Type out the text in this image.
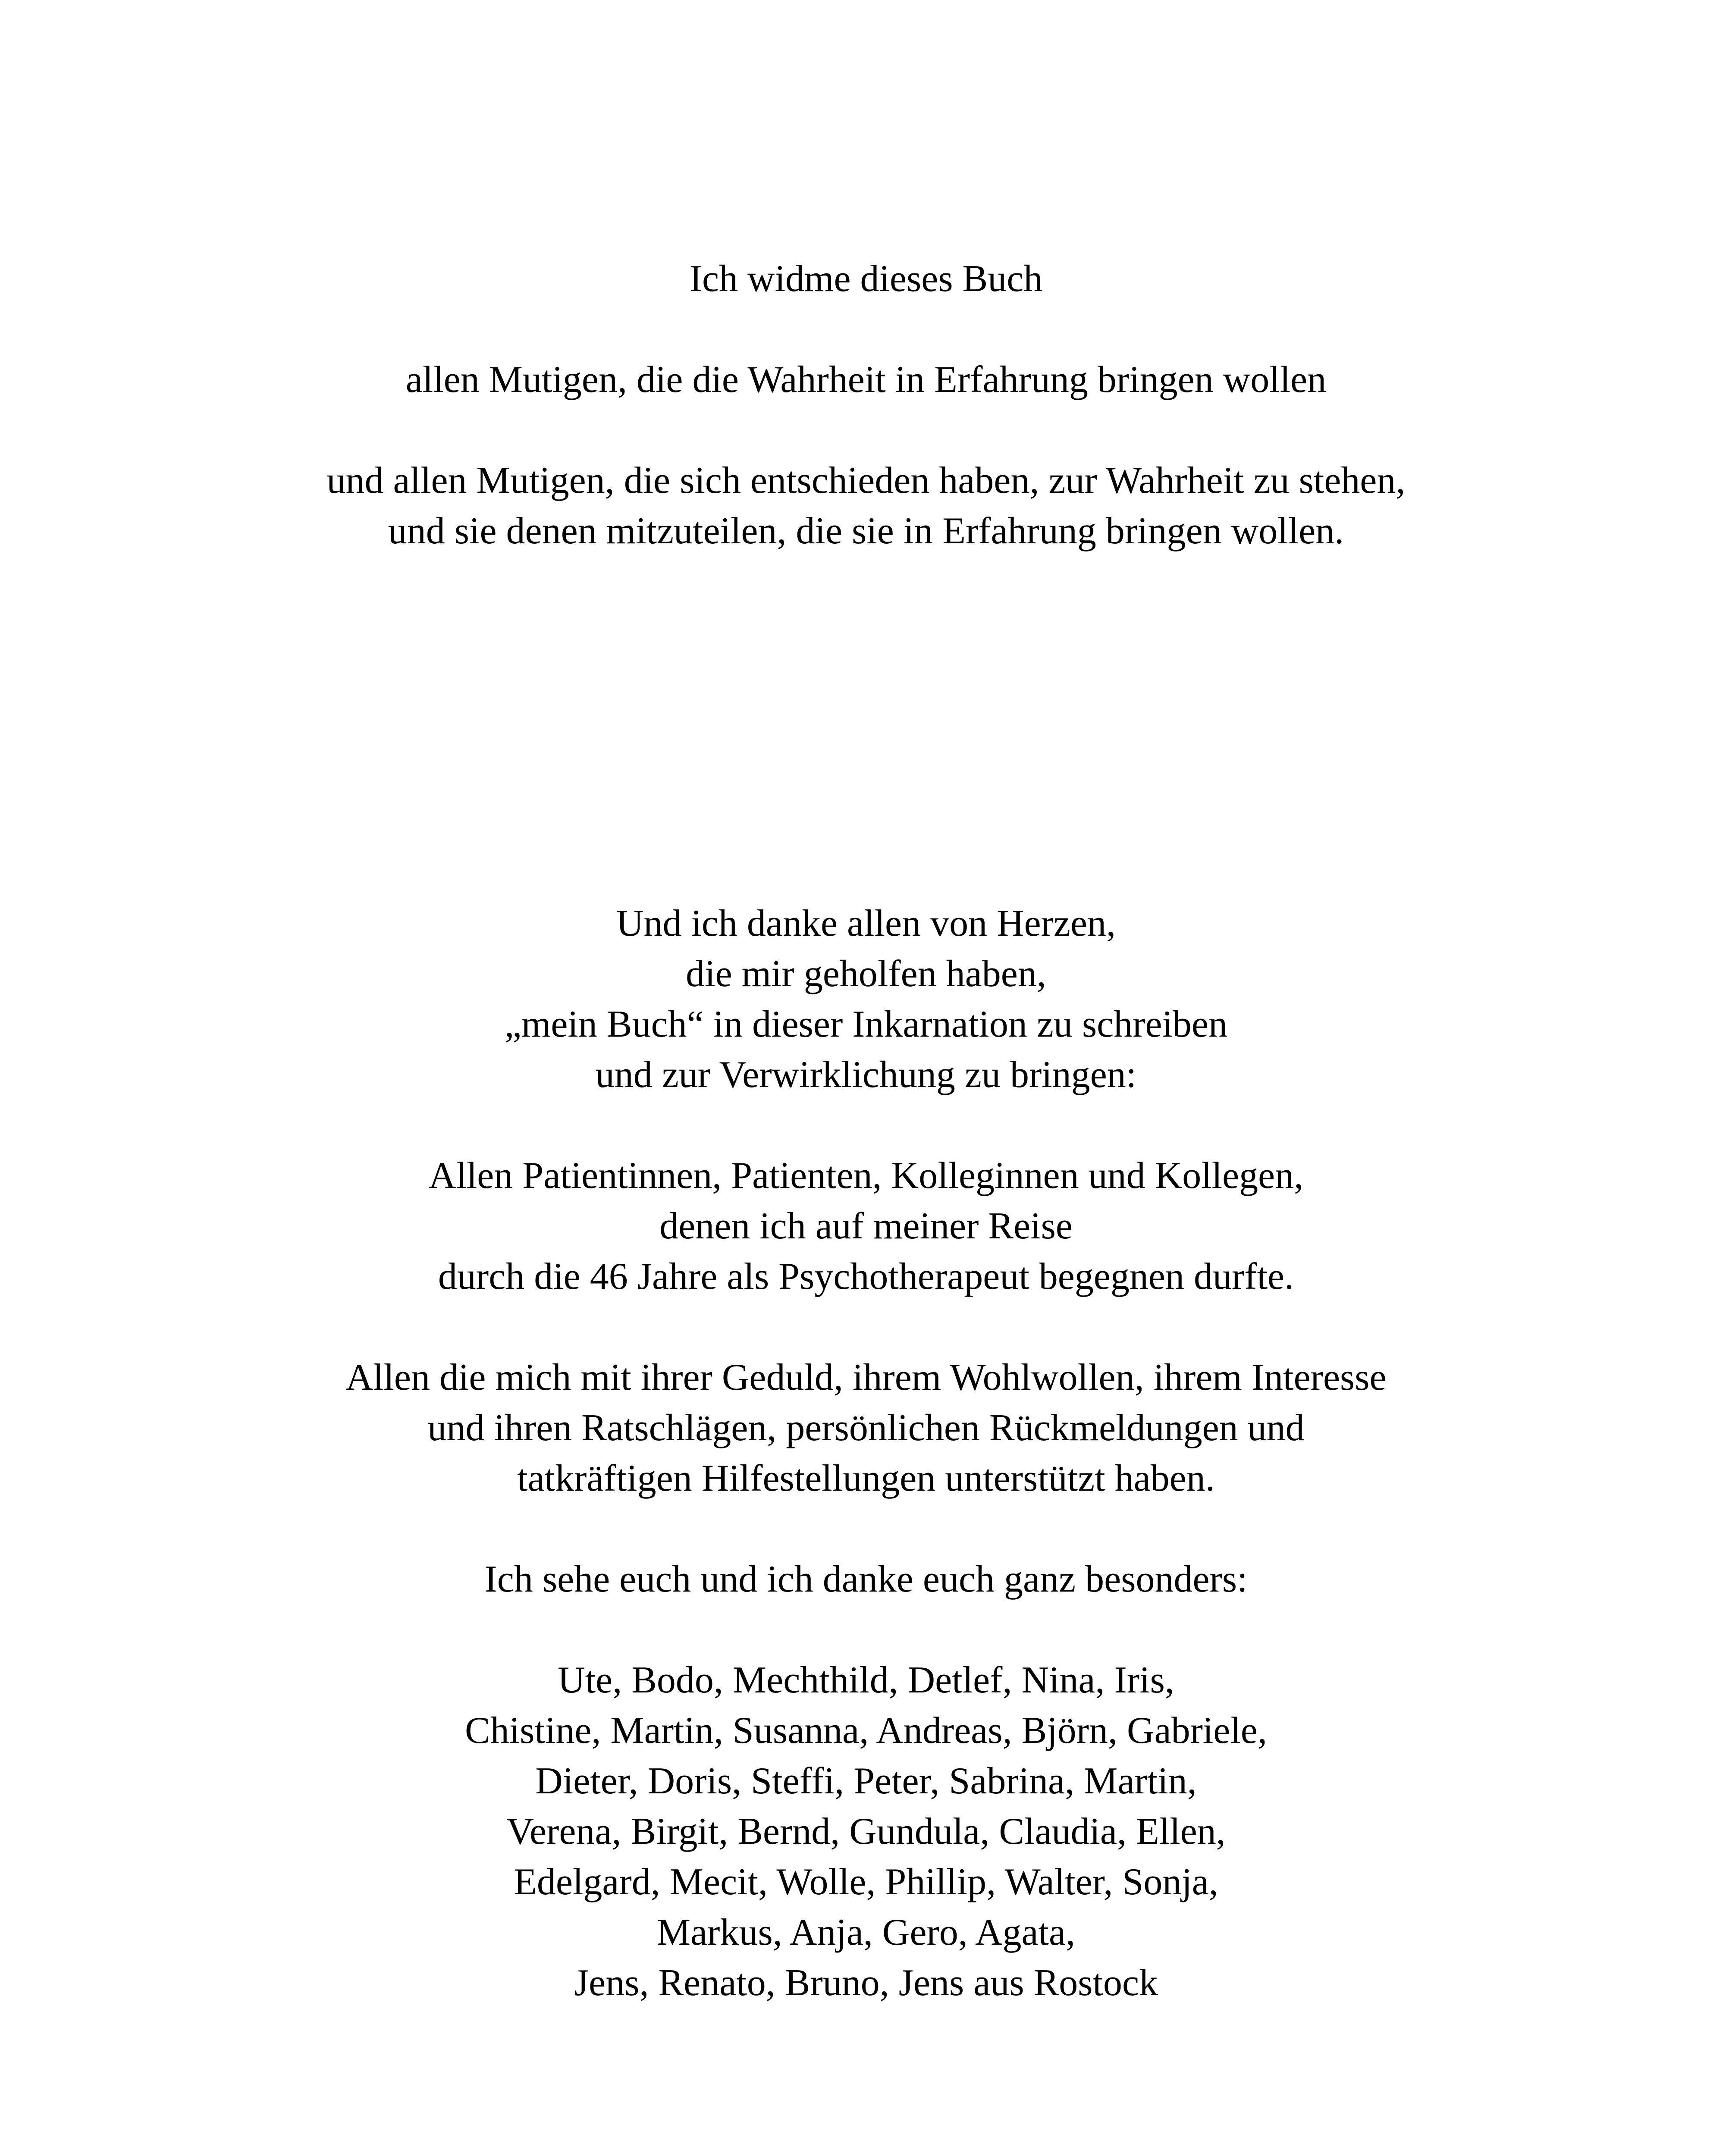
Ich widme dieses Buch

allen Mutigen, die die Wahrheit in Erfahrung bringen wollen

und allen Mutigen, die sich entschieden haben, zur Wahrheit zu stehen,

und sie denen mitzuteilen, die sie in Erfahrung bringen wollen.

Und ich danke allen von Herzen,

die mir geholfen haben,

„mein Buch“ in dieser Inkarnation zu schreiben

und zur Verwirklichung zu bringen:

Allen Patientinnen, Patienten, Kolleginnen und Kollegen,

denen ich auf meiner Reise

durch die 46 Jahre als Psychotherapeut begegnen durfte.

Allen die mich mit ihrer Geduld, ihrem Wohlwollen, ihrem Interesse

und ihren Ratschlägen, persönlichen Rückmeldungen und

tatkräftigen Hilfestellungen unterstützt haben.

Ich sehe euch und ich danke euch ganz besonders:

Ute, Bodo, Mechthild, Detlef, Nina, Iris,

Chistine, Martin, Susanna, Andreas, Björn, Gabriele,

Dieter, Doris, Steffi, Peter, Sabrina, Martin,

Verena, Birgit, Bernd, Gundula, Claudia, Ellen,

Edelgard, Mecit, Wolle, Phillip, Walter, Sonja,

Markus, Anja, Gero, Agata,

Jens, Renato, Bruno, Jens aus Rostock
